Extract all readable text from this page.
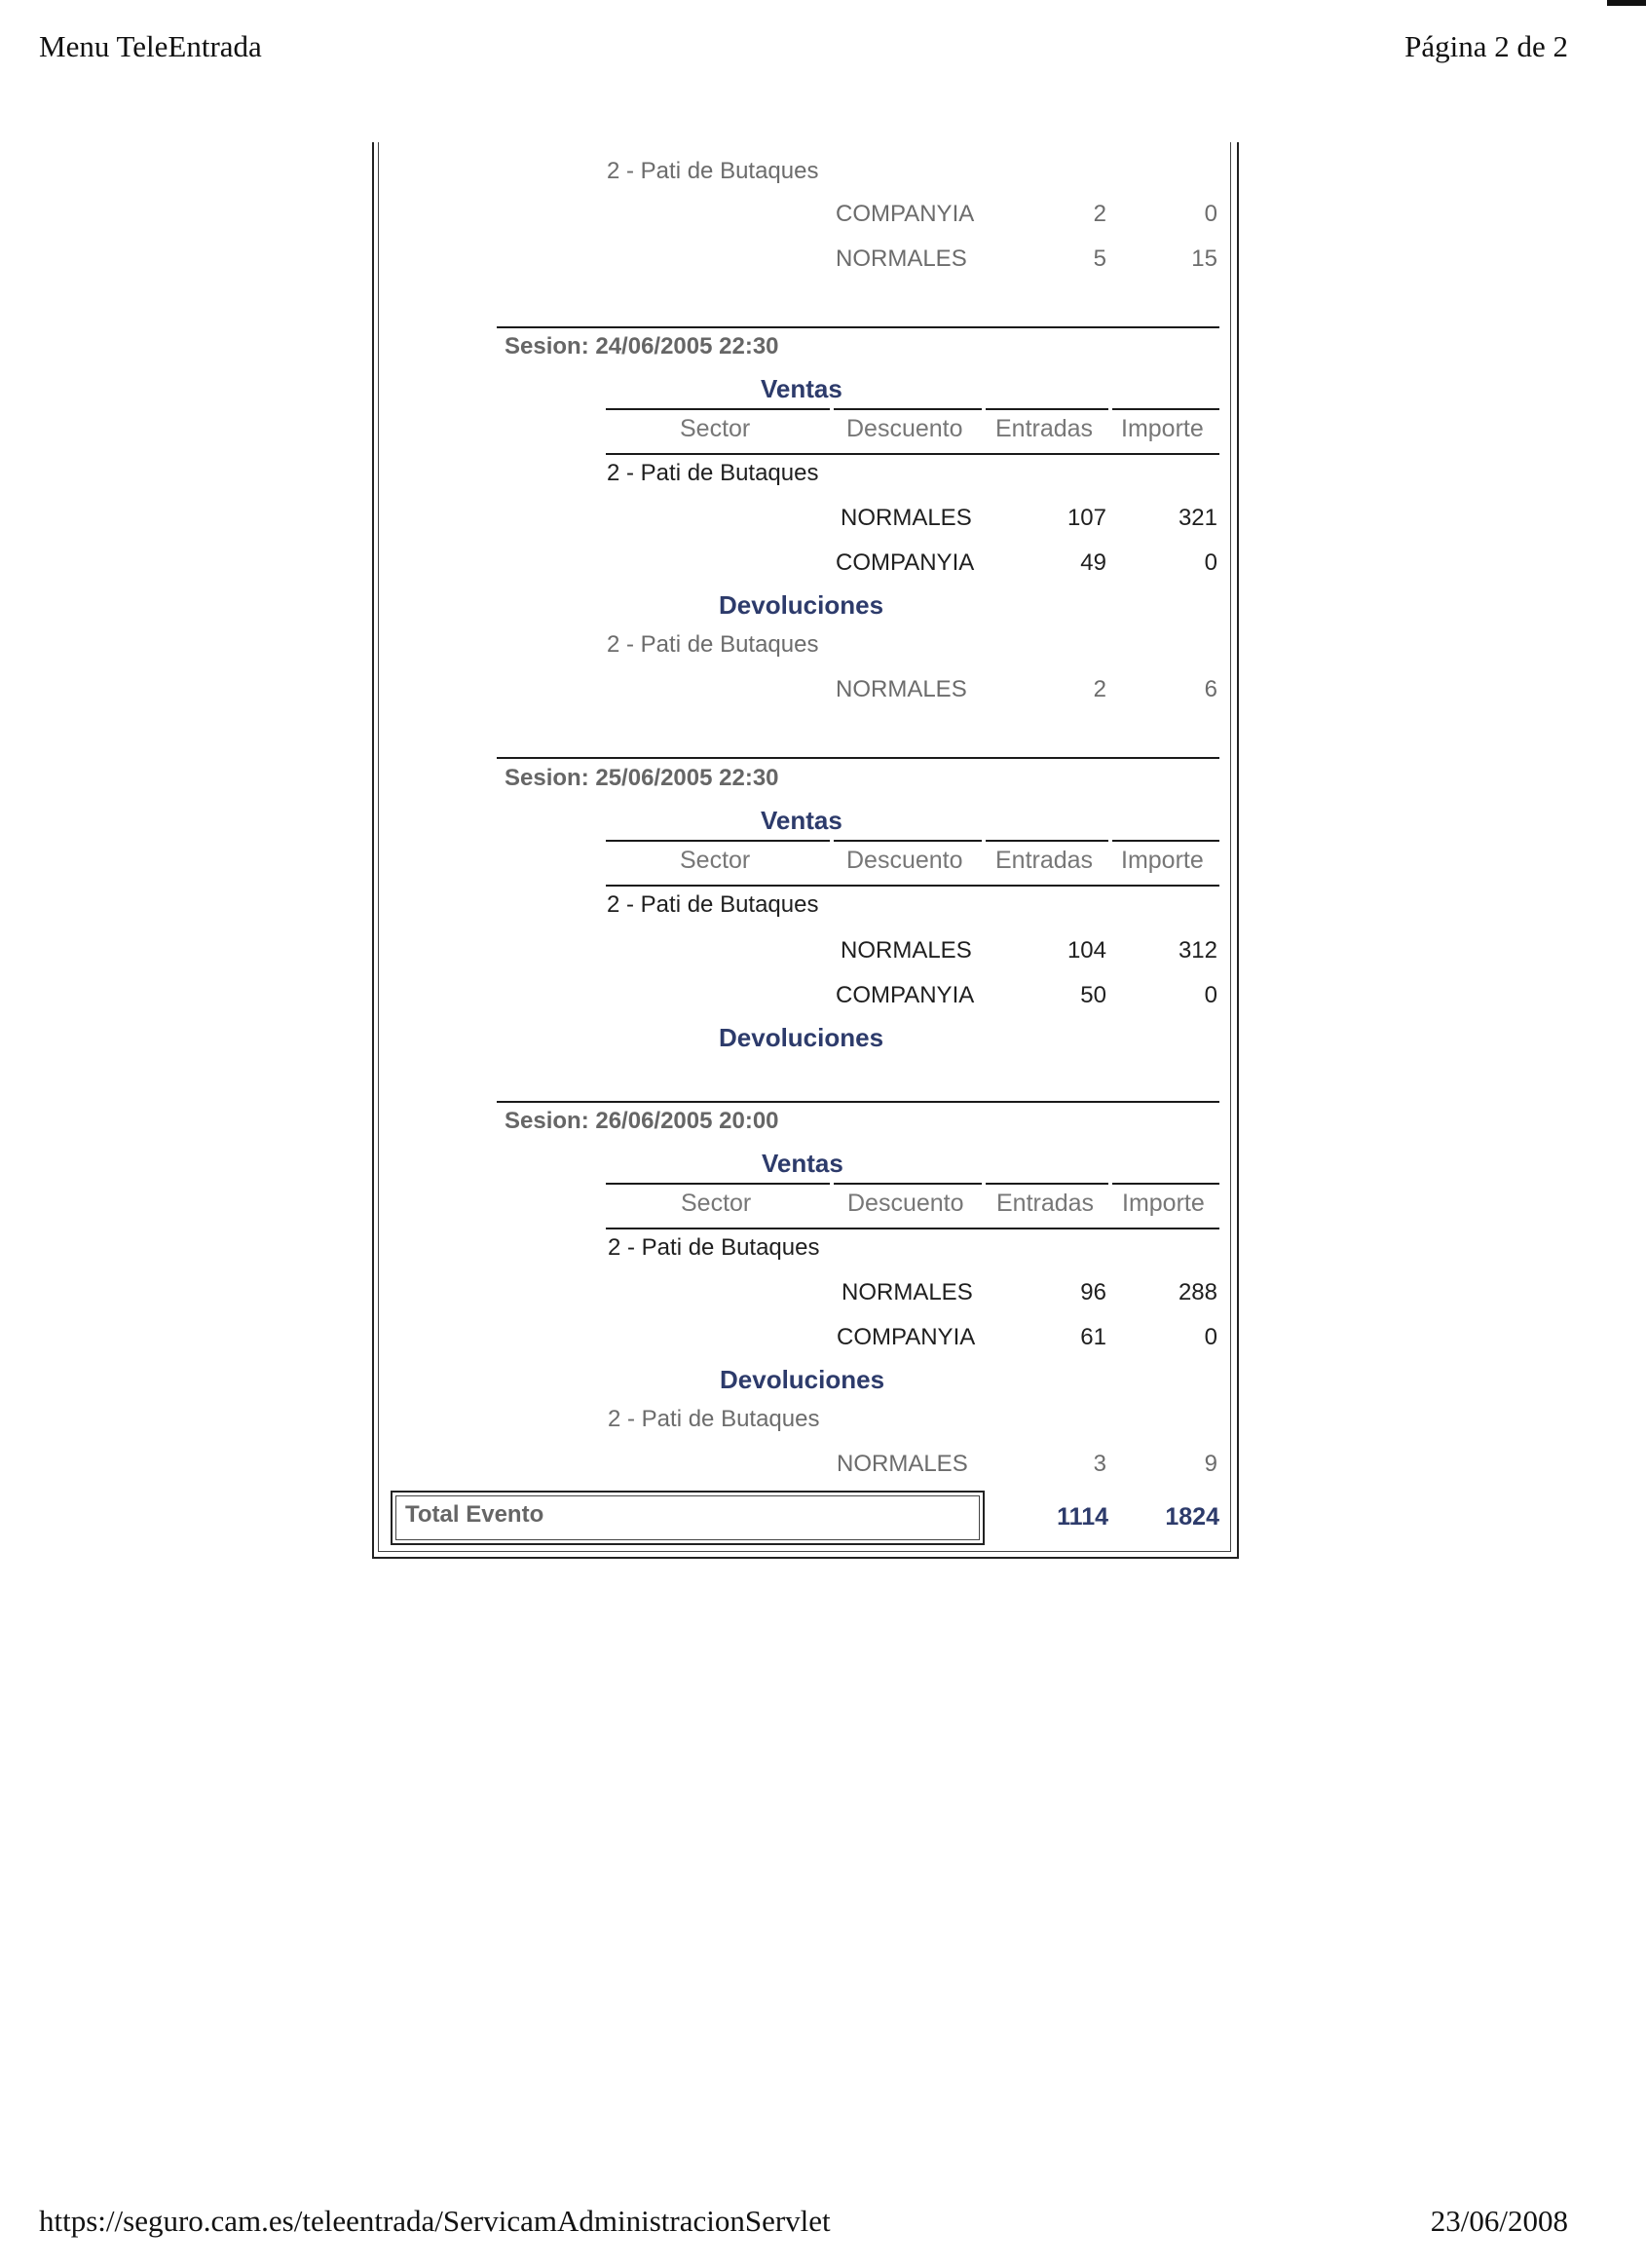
Menu TeleEntrada	Página 2 de 2
2 - Pati de Butaques
COMPANYIA	2	0
NORMALES	5	15
Sesion: 24/06/2005 22:30
Ventas
Sector	Descuento Entradas Importe
2 - Pati de Butaques
NORMALES	107	321
COMPANYIA	49	0
Devoluciones
2 - Pati de Butaques
NORMALES	2	6
Sesion: 25/06/2005 22:30
Ventas
Sector	Descuento Entradas Importe
2 - Pati de Butaques
NORMALES	104	312
COMPANYIA	50	0
Devoluciones
Sesion: 26/06/2005 20:00
Ventas
Sector	Descuento Entradas Importe
2 - Pati de Butaques
NORMALES	96	288
COMPANYIA	61	0
Devoluciones
2 - Pati de Butaques
NORMALES	3	9
Total Evento	1114	1824
https://seguro.cam.es/teleentrada/ServicamAdministracionServlet	23/06/2008
